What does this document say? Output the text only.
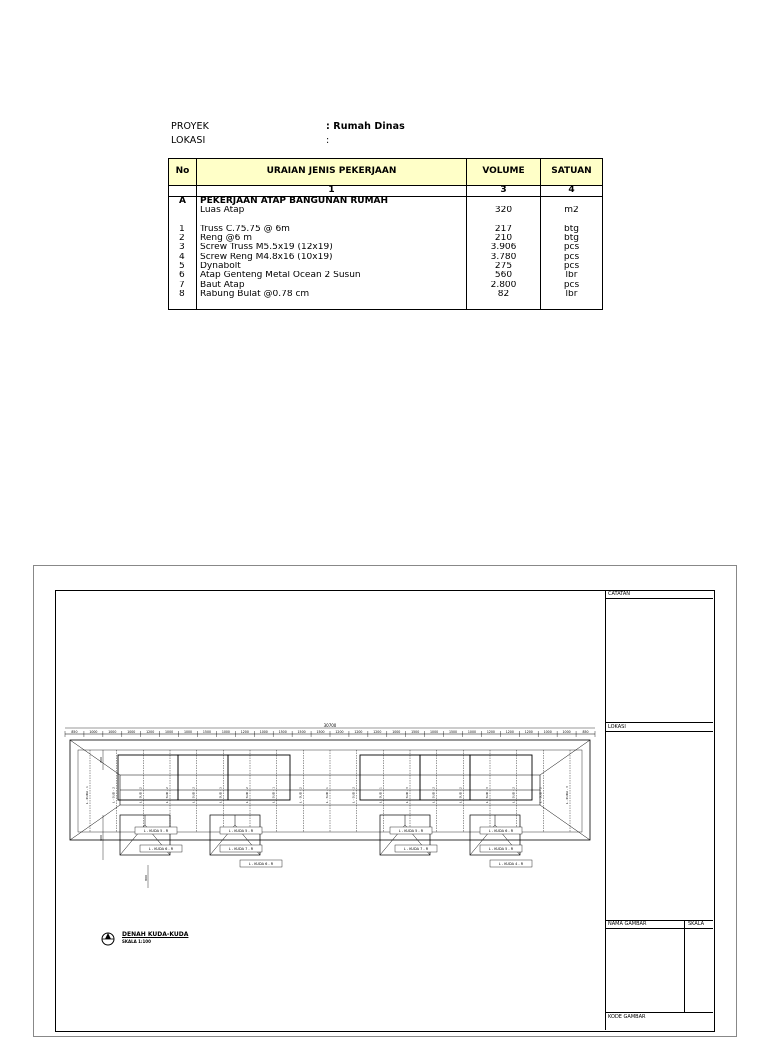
PROYEK	: Rumah Dinas
LOKASI	:
No	URAIAN JENIS PEKERJAAN	VOLUME	SATUAN
	1	3	4
A	PEKERJAAN ATAP BANGUNAN RUMAH		
	Luas Atap	320	m2

1	Truss C.75.75 @ 6m	217	btg
2	Reng @6 m	210	btg
3	Screw Truss M5.5x19 (12x19)	3.906	pcs
4	Screw Reng M4.8x16 (10x19)	3.780	pcs
5	Dynabolt	275	pcs
6	Atap Genteng Metal Ocean 2 Susun	560	lbr
7	Baut Atap	2.800	pcs
8	Rabung Bulat @0.78 cm	82	lbr

CATATAN
LOKASI
NAMA GAMBAR	SKALA
KODE GAMBAR
30700
850	1000	1000	1000	1200	1000	1000	1500	1000	1200	1000	1500	1500	1500	1200	1200	1200	1000	1500	1000	1500	1000	1200	1200	1200	1000	1000	850
L - KUDA - 1	L - SUD - 2	L - SUD - 2	L - SUD - 2	L - SUD - 2	L - SUD - 3	L - SUD - 2	L - SUD - 1	L - SUD - 2	L - SUD - 1	L - SUD - 2	L - SUD - 1	L - SUD - 3	L - SUD - 2	L - SUD - 2	L - SUD - 3	L - SUD - 2	L - SUD - 2	L - KUDA - 3
L - KUDA 5 - R
L - KUDA 6 - R
L - KUDA 5 - R
L - KUDA 7 - R
L - KUDA 6 - R
L - KUDA 5 - R
L - KUDA 7 - R
L - KUDA 6 - R
L - KUDA 5 - R
L - KUDA 4 - R
400
800
800
DENAH KUDA-KUDA
SKALA 1:100
